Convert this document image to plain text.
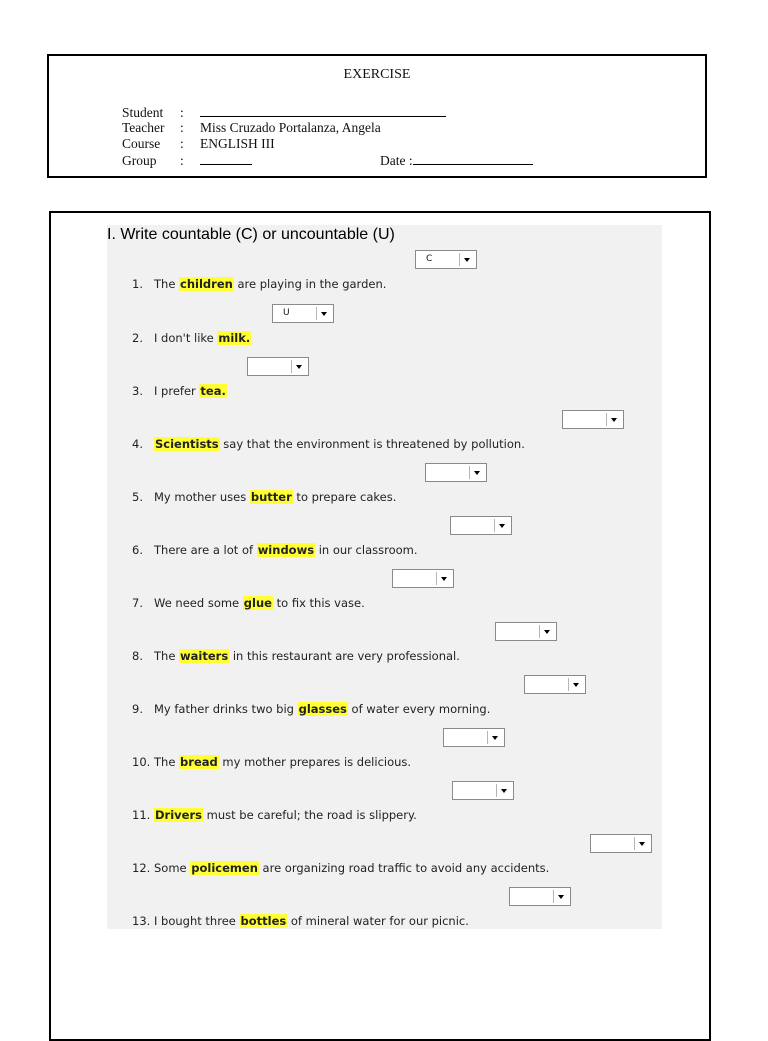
EXERCISE
Student :
Teacher : Miss Cruzado Portalanza, Angela
Course : ENGLISH III
Group :	Date :
I. Write countable (C) or uncountable (U)
C
1. The children are playing in the garden.
U
2. I don't like milk.
3. I prefer tea.
4. Scientists say that the environment is threatened by pollution.
5. My mother uses butter to prepare cakes.
6. There are a lot of windows in our classroom.
7. We need some glue to fix this vase.
8. The waiters in this restaurant are very professional.
9. My father drinks two big glasses of water every morning.
10. The bread my mother prepares is delicious.
11. Drivers must be careful; the road is slippery.
12. Some policemen are organizing road traffic to avoid any accidents.
13. I bought three bottles of mineral water for our picnic.
